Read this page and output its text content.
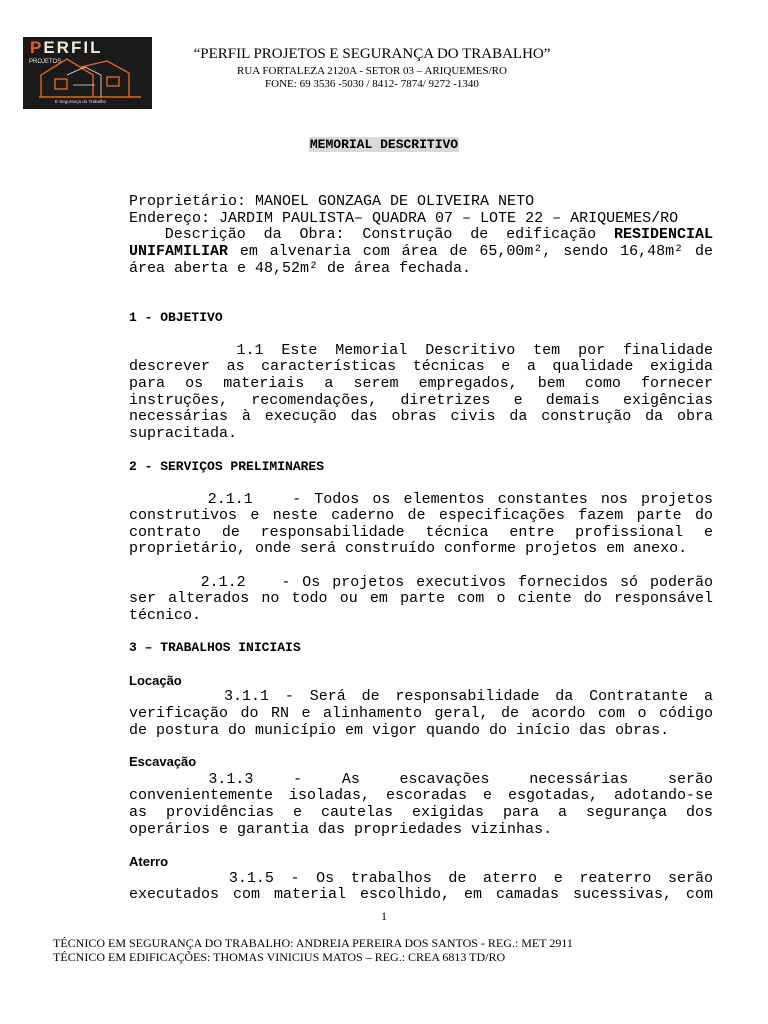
PERFIL
PROJETOS
E Segurança do Trabalho
“PERFIL PROJETOS E SEGURANÇA DO TRABALHO”
RUA FORTALEZA 2120A - SETOR 03 – ARIQUEMES/RO
FONE: 69 3536 -5030 / 8412- 7874/ 9272 -1340
MEMORIAL DESCRITIVO
Proprietário: MANOEL GONZAGA DE OLIVEIRA NETO
Endereço: JARDIM PAULISTA– QUADRA 07 – LOTE 22 – ARIQUEMES/RO
Descrição da Obra: Construção de edificação RESIDENCIAL
UNIFAMILIAR em alvenaria com área de 65,00m², sendo 16,48m² de
área aberta e 48,52m² de área fechada.
1 - OBJETIVO
1.1 Este Memorial Descritivo tem por finalidade
descrever as características técnicas e a qualidade exigida
para os materiais a serem empregados, bem como fornecer
instruções, recomendações, diretrizes e demais exigências
necessárias à execução das obras civis da construção da obra
supracitada.
2 - SERVIÇOS PRELIMINARES
2.1.1   - Todos os elementos constantes nos projetos
construtivos e neste caderno de especificações fazem parte do
contrato de responsabilidade técnica entre profissional e
proprietário, onde será construído conforme projetos em anexo.
2.1.2   - Os projetos executivos fornecidos só poderão
ser alterados no todo ou em parte com o ciente do responsável
técnico.
3 – TRABALHOS INICIAIS
Locação
3.1.1 - Será de responsabilidade da Contratante a
verificação do RN e alinhamento geral, de acordo com o código
de postura do município em vigor quando do início das obras.
Escavação
3.1.3   -   As   escavações   necessárias   serão
convenientemente isoladas, escoradas e esgotadas, adotando-se
as providências e cautelas exigidas para a segurança dos
operários e garantia das propriedades vizinhas.
Aterro
3.1.5 - Os trabalhos de aterro e reaterro serão
executados com material escolhido, em camadas sucessivas, com
1
TÉCNICO EM SEGURANÇA DO TRABALHO: ANDREIA PEREIRA DOS SANTOS - REG.: MET 2911
TÉCNICO EM EDIFICAÇÕES: THOMAS VINICIUS MATOS – REG.: CREA 6813 TD/RO
